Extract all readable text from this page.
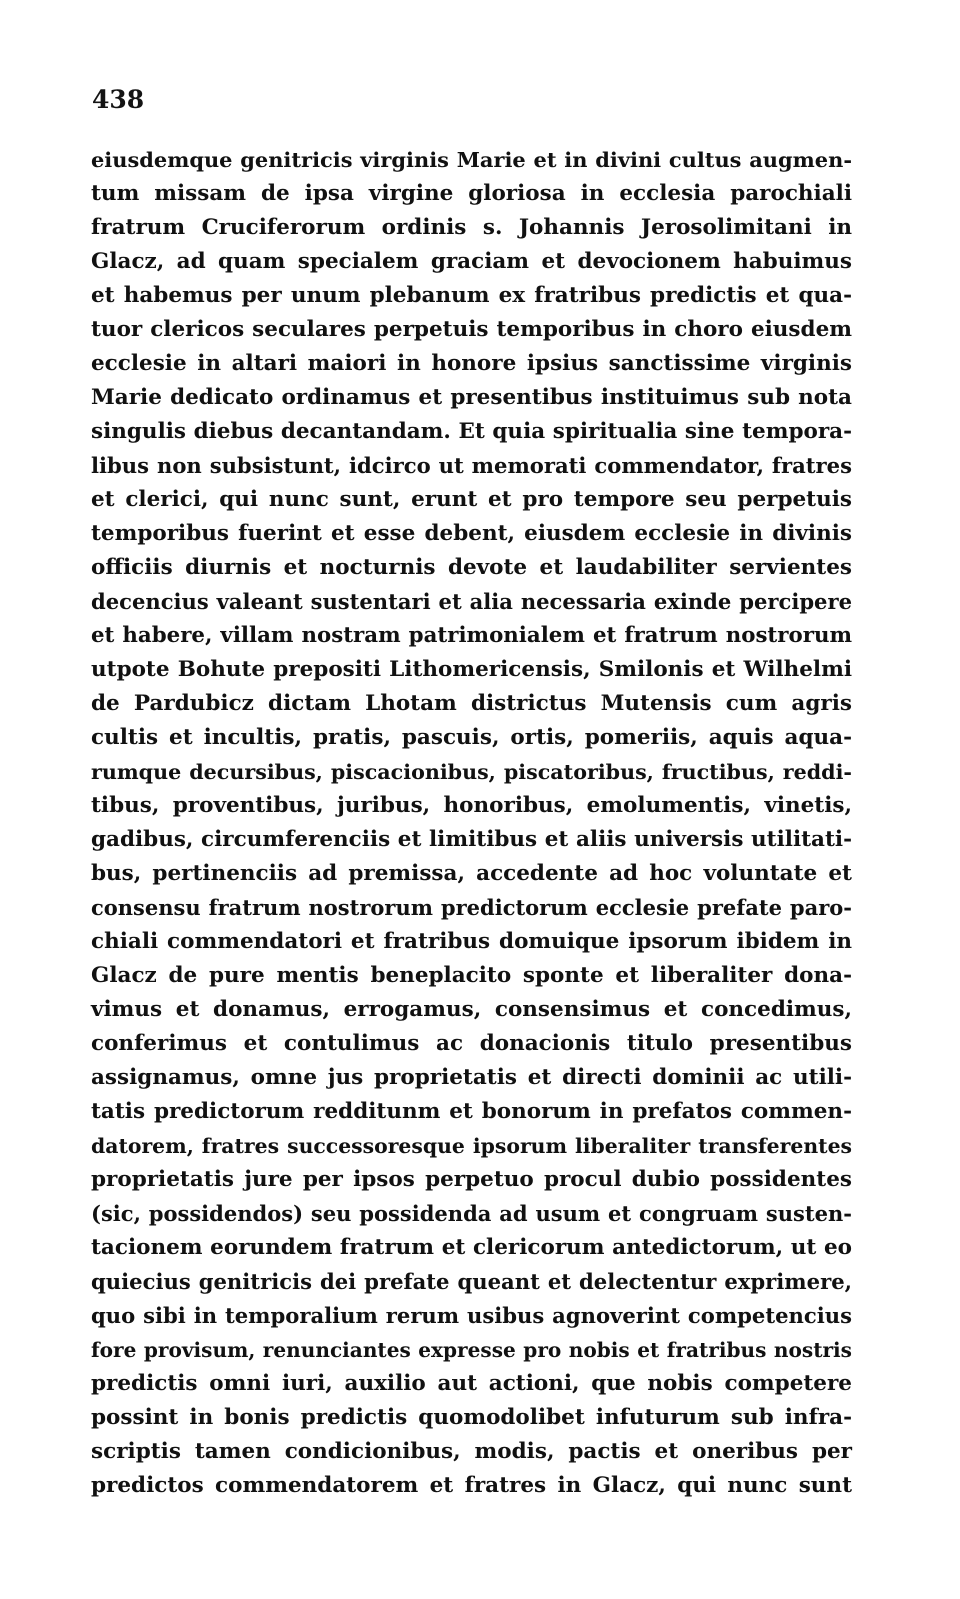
438
eiusdemque genitricis virginis Marie et in divini cultus augmen-
tum missam de ipsa virgine gloriosa in ecclesia parochiali
fratrum Cruciferorum ordinis s. Johannis Jerosolimitani in
Glacz, ad quam specialem graciam et devocionem habuimus
et habemus per unum plebanum ex fratribus predictis et qua-
tuor clericos seculares perpetuis temporibus in choro eiusdem
ecclesie in altari maiori in honore ipsius sanctissime virginis
Marie dedicato ordinamus et presentibus instituimus sub nota
singulis diebus decantandam. Et quia spiritualia sine tempora-
libus non subsistunt, idcirco ut memorati commendator, fratres
et clerici, qui nunc sunt, erunt et pro tempore seu perpetuis
temporibus fuerint et esse debent, eiusdem ecclesie in divinis
officiis diurnis et nocturnis devote et laudabiliter servientes
decencius valeant sustentari et alia necessaria exinde percipere
et habere, villam nostram patrimonialem et fratrum nostrorum
utpote Bohute prepositi Lithomericensis, Smilonis et Wilhelmi
de Pardubicz dictam Lhotam districtus Mutensis cum agris
cultis et incultis, pratis, pascuis, ortis, pomeriis, aquis aqua-
rumque decursibus, piscacionibus, piscatoribus, fructibus, reddi-
tibus, proventibus, juribus, honoribus, emolumentis, vinetis,
gadibus, circumferenciis et limitibus et aliis universis utilitati-
bus, pertinenciis ad premissa, accedente ad hoc voluntate et
consensu fratrum nostrorum predictorum ecclesie prefate paro-
chiali commendatori et fratribus domuique ipsorum ibidem in
Glacz de pure mentis beneplacito sponte et liberaliter dona-
vimus et donamus, errogamus, consensimus et concedimus,
conferimus et contulimus ac donacionis titulo presentibus
assignamus, omne jus proprietatis et directi dominii ac utili-
tatis predictorum redditunm et bonorum in prefatos commen-
datorem, fratres successoresque ipsorum liberaliter transferentes
proprietatis jure per ipsos perpetuo procul dubio possidentes
(sic, possidendos) seu possidenda ad usum et congruam susten-
tacionem eorundem fratrum et clericorum antedictorum, ut eo
quiecius genitricis dei prefate queant et delectentur exprimere,
quo sibi in temporalium rerum usibus agnoverint competencius
fore provisum, renunciantes expresse pro nobis et fratribus nostris
predictis omni iuri, auxilio aut actioni, que nobis competere
possint in bonis predictis quomodolibet infuturum sub infra-
scriptis tamen condicionibus, modis, pactis et oneribus per
predictos commendatorem et fratres in Glacz, qui nunc sunt
